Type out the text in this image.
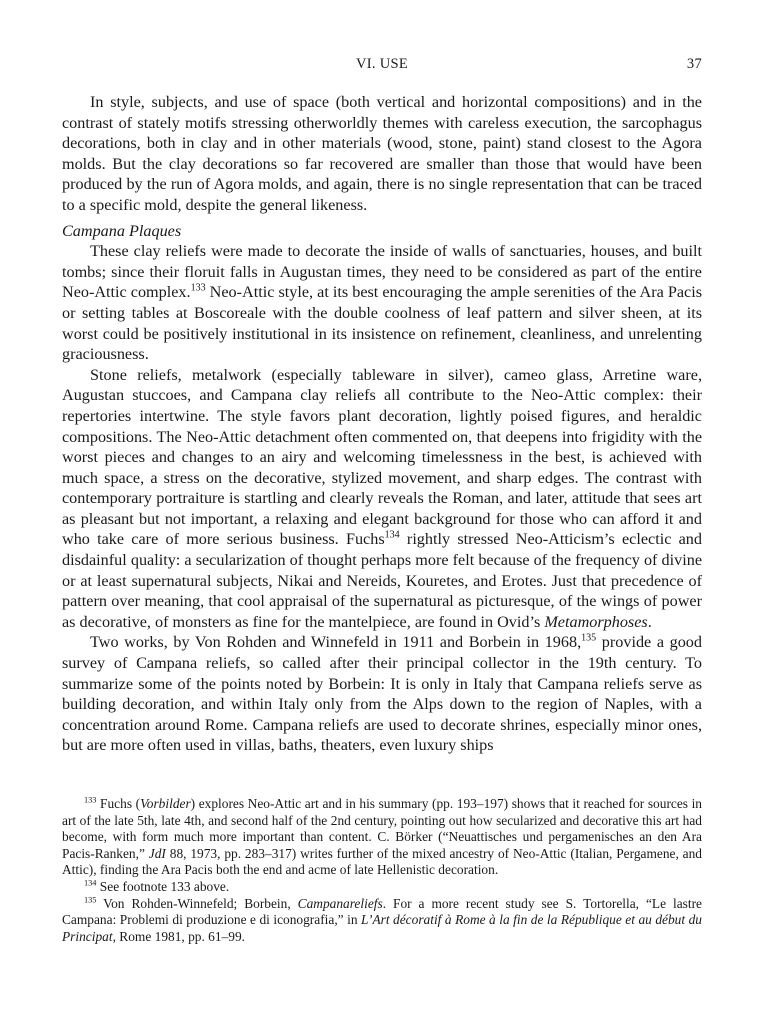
VI. USE	37

In style, subjects, and use of space (both vertical and horizontal compositions) and in the contrast of stately motifs stressing otherworldly themes with careless execution, the sarcophagus decorations, both in clay and in other materials (wood, stone, paint) stand closest to the Agora molds. But the clay decorations so far recovered are smaller than those that would have been produced by the run of Agora molds, and again, there is no single representation that can be traced to a specific mold, despite the general likeness.

Campana Plaques

These clay reliefs were made to decorate the inside of walls of sanctuaries, houses, and built tombs; since their floruit falls in Augustan times, they need to be considered as part of the entire Neo-Attic complex.$^{133}$ Neo-Attic style, at its best encouraging the ample serenities of the Ara Pacis or setting tables at Boscoreale with the double coolness of leaf pattern and silver sheen, at its worst could be positively institutional in its insistence on refinement, cleanliness, and unrelenting graciousness.

Stone reliefs, metalwork (especially tableware in silver), cameo glass, Arretine ware, Augustan stuccoes, and Campana clay reliefs all contribute to the Neo-Attic complex: their repertories intertwine. The style favors plant decoration, lightly poised figures, and heraldic compositions. The Neo-Attic detachment often commented on, that deepens into frigidity with the worst pieces and changes to an airy and welcoming timelessness in the best, is achieved with much space, a stress on the decorative, stylized movement, and sharp edges. The contrast with contemporary portraiture is startling and clearly reveals the Roman, and later, attitude that sees art as pleasant but not important, a relaxing and elegant background for those who can afford it and who take care of more serious business. Fuchs$^{134}$ rightly stressed Neo-Atticism’s eclectic and disdainful quality: a secularization of thought perhaps more felt because of the frequency of divine or at least supernatural subjects, Nikai and Nereids, Kouretes, and Erotes. Just that precedence of pattern over meaning, that cool appraisal of the supernatural as picturesque, of the wings of power as decorative, of monsters as fine for the mantelpiece, are found in Ovid’s Metamorphoses.

Two works, by Von Rohden and Winnefeld in 1911 and Borbein in 1968,$^{135}$ provide a good survey of Campana reliefs, so called after their principal collector in the 19th century. To summarize some of the points noted by Borbein: It is only in Italy that Campana reliefs serve as building decoration, and within Italy only from the Alps down to the region of Naples, with a concentration around Rome. Campana reliefs are used to decorate shrines, especially minor ones, but are more often used in villas, baths, theaters, even luxury ships

$^{133}$ Fuchs (Vorbilder) explores Neo-Attic art and in his summary (pp. 193–197) shows that it reached for sources in art of the late 5th, late 4th, and second half of the 2nd century, pointing out how secularized and decorative this art had become, with form much more important than content. C. Börker (“Neuattisches und pergamenisches an den Ara Pacis-Ranken,” JdI 88, 1973, pp. 283–317) writes further of the mixed ancestry of Neo-Attic (Italian, Pergamene, and Attic), finding the Ara Pacis both the end and acme of late Hellenistic decoration.

$^{134}$ See footnote 133 above.

$^{135}$ Von Rohden-Winnefeld; Borbein, Campanareliefs. For a more recent study see S. Tortorella, “Le lastre Campana: Problemi di produzione e di iconografia,” in L’Art décoratif à Rome à la fin de la République et au début du Principat, Rome 1981, pp. 61–99.
